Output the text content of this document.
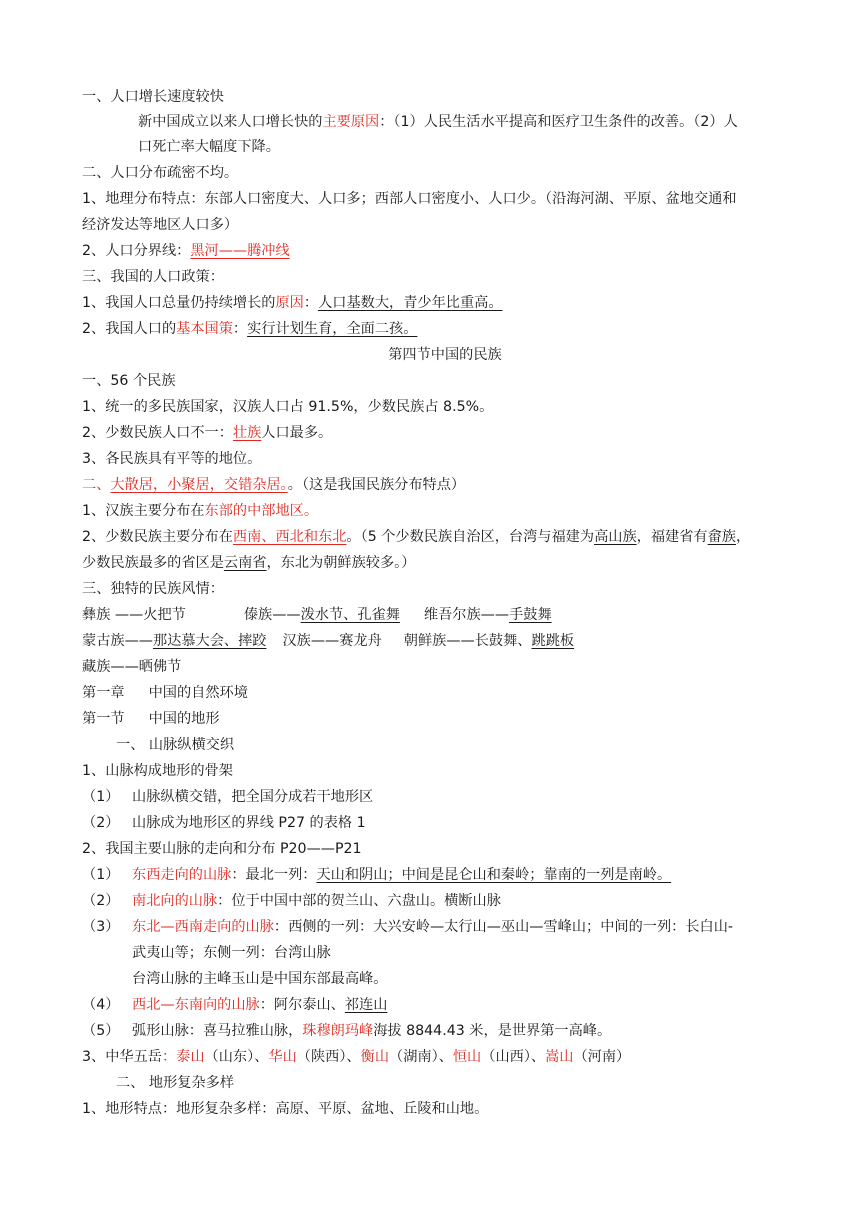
一、人口增长速度较快
新中国成立以来人口增长快的主要原因：（1）人民生活水平提高和医疗卫生条件的改善。（2）人
口死亡率大幅度下降。
二、人口分布疏密不均。
1、地理分布特点：东部人口密度大、人口多；西部人口密度小、人口少。（沿海河湖、平原、盆地交通和
经济发达等地区人口多）
2、人口分界线：黑河——腾冲线
三、我国的人口政策：
1、我国人口总量仍持续增长的原因：人口基数大，青少年比重高。
2、我国人口的基本国策：实行计划生育，全面二孩。
第四节中国的民族
一、56 个民族
1、统一的多民族国家，汉族人口占 91.5%，少数民族占 8.5%。
2、少数民族人口不一：壮族人口最多。
3、各民族具有平等的地位。
二、大散居，小聚居，交错杂居。。（这是我国民族分布特点）
1、汉族主要分布在东部的中部地区。
2、少数民族主要分布在西南、西北和东北。（5 个少数民族自治区，台湾与福建为高山族，福建省有畲族，
少数民族最多的省区是云南省，东北为朝鲜族较多。）
三、独特的民族风情：
彝族 ——火把节	傣族——泼水节、孔雀舞 维吾尔族——手鼓舞
蒙古族——那达慕大会、摔跤 汉族——赛龙舟 朝鲜族——长鼓舞、跳跳板
藏族——晒佛节
第一章 中国的自然环境
第一节 中国的地形
一、 山脉纵横交织
1、山脉构成地形的骨架
（1） 山脉纵横交错，把全国分成若干地形区
（2） 山脉成为地形区的界线 P27 的表格 1
2、我国主要山脉的走向和分布 P20——P21
（1） 东西走向的山脉：最北一列：天山和阴山；中间是昆仑山和秦岭；靠南的一列是南岭。
（2） 南北向的山脉：位于中国中部的贺兰山、六盘山。横断山脉
（3） 东北—西南走向的山脉：西侧的一列：大兴安岭—太行山—巫山—雪峰山；中间的一列：长白山-
武夷山等；东侧一列：台湾山脉
台湾山脉的主峰玉山是中国东部最高峰。
（4） 西北—东南向的山脉：阿尔泰山、祁连山
（5） 弧形山脉：喜马拉雅山脉，珠穆朗玛峰海拔 8844.43 米，是世界第一高峰。
3、中华五岳：泰山（山东）、华山（陕西）、衡山（湖南）、恒山（山西）、嵩山（河南）
二、 地形复杂多样
1、地形特点：地形复杂多样：高原、平原、盆地、丘陵和山地。
